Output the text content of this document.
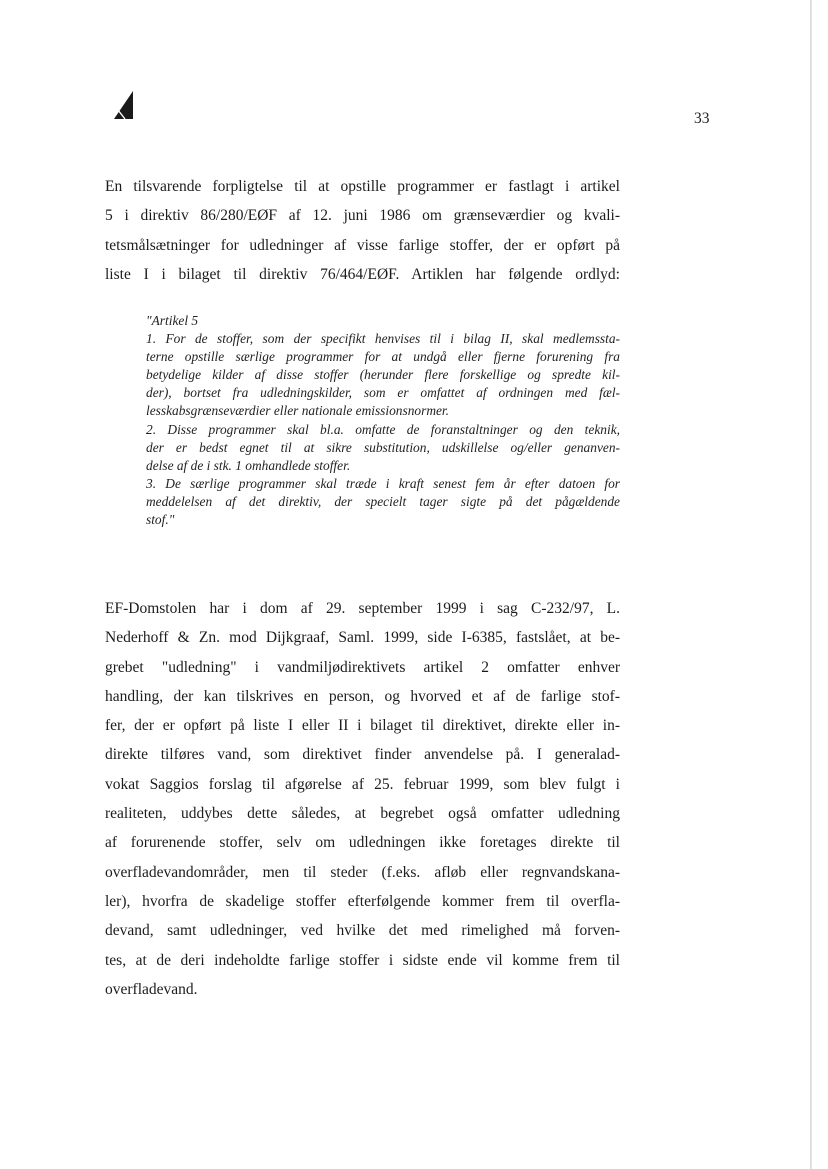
33
En tilsvarende forpligtelse til at opstille programmer er fastlagt i artikel
5 i direktiv 86/280/EØF af 12. juni 1986 om grænseværdier og kvali-
tetsmålsætninger for udledninger af visse farlige stoffer, der er opført på
liste I i bilaget til direktiv 76/464/EØF. Artiklen har følgende ordlyd:
"Artikel 5
1. For de stoffer, som der specifikt henvises til i bilag II, skal medlemssta-
terne opstille særlige programmer for at undgå eller fjerne forurening fra
betydelige kilder af disse stoffer (herunder flere forskellige og spredte kil-
der), bortset fra udledningskilder, som er omfattet af ordningen med fæl-
lesskabsgrænseværdier eller nationale emissionsnormer.
2. Disse programmer skal bl.a. omfatte de foranstaltninger og den teknik,
der er bedst egnet til at sikre substitution, udskillelse og/eller genanven-
delse af de i stk. 1 omhandlede stoffer.
3. De særlige programmer skal træde i kraft senest fem år efter datoen for
meddelelsen af det direktiv, der specielt tager sigte på det pågældende
stof."
EF-Domstolen har i dom af 29. september 1999 i sag C-232/97, L.
Nederhoff & Zn. mod Dijkgraaf, Saml. 1999, side I-6385, fastslået, at be-
grebet "udledning" i vandmiljødirektivets artikel 2 omfatter enhver
handling, der kan tilskrives en person, og hvorved et af de farlige stof-
fer, der er opført på liste I eller II i bilaget til direktivet, direkte eller in-
direkte tilføres vand, som direktivet finder anvendelse på. I generalad-
vokat Saggios forslag til afgørelse af 25. februar 1999, som blev fulgt i
realiteten, uddybes dette således, at begrebet også omfatter udledning
af forurenende stoffer, selv om udledningen ikke foretages direkte til
overfladevandområder, men til steder (f.eks. afløb eller regnvandskana-
ler), hvorfra de skadelige stoffer efterfølgende kommer frem til overfla-
devand, samt udledninger, ved hvilke det med rimelighed må forven-
tes, at de deri indeholdte farlige stoffer i sidste ende vil komme frem til
overfladevand.
